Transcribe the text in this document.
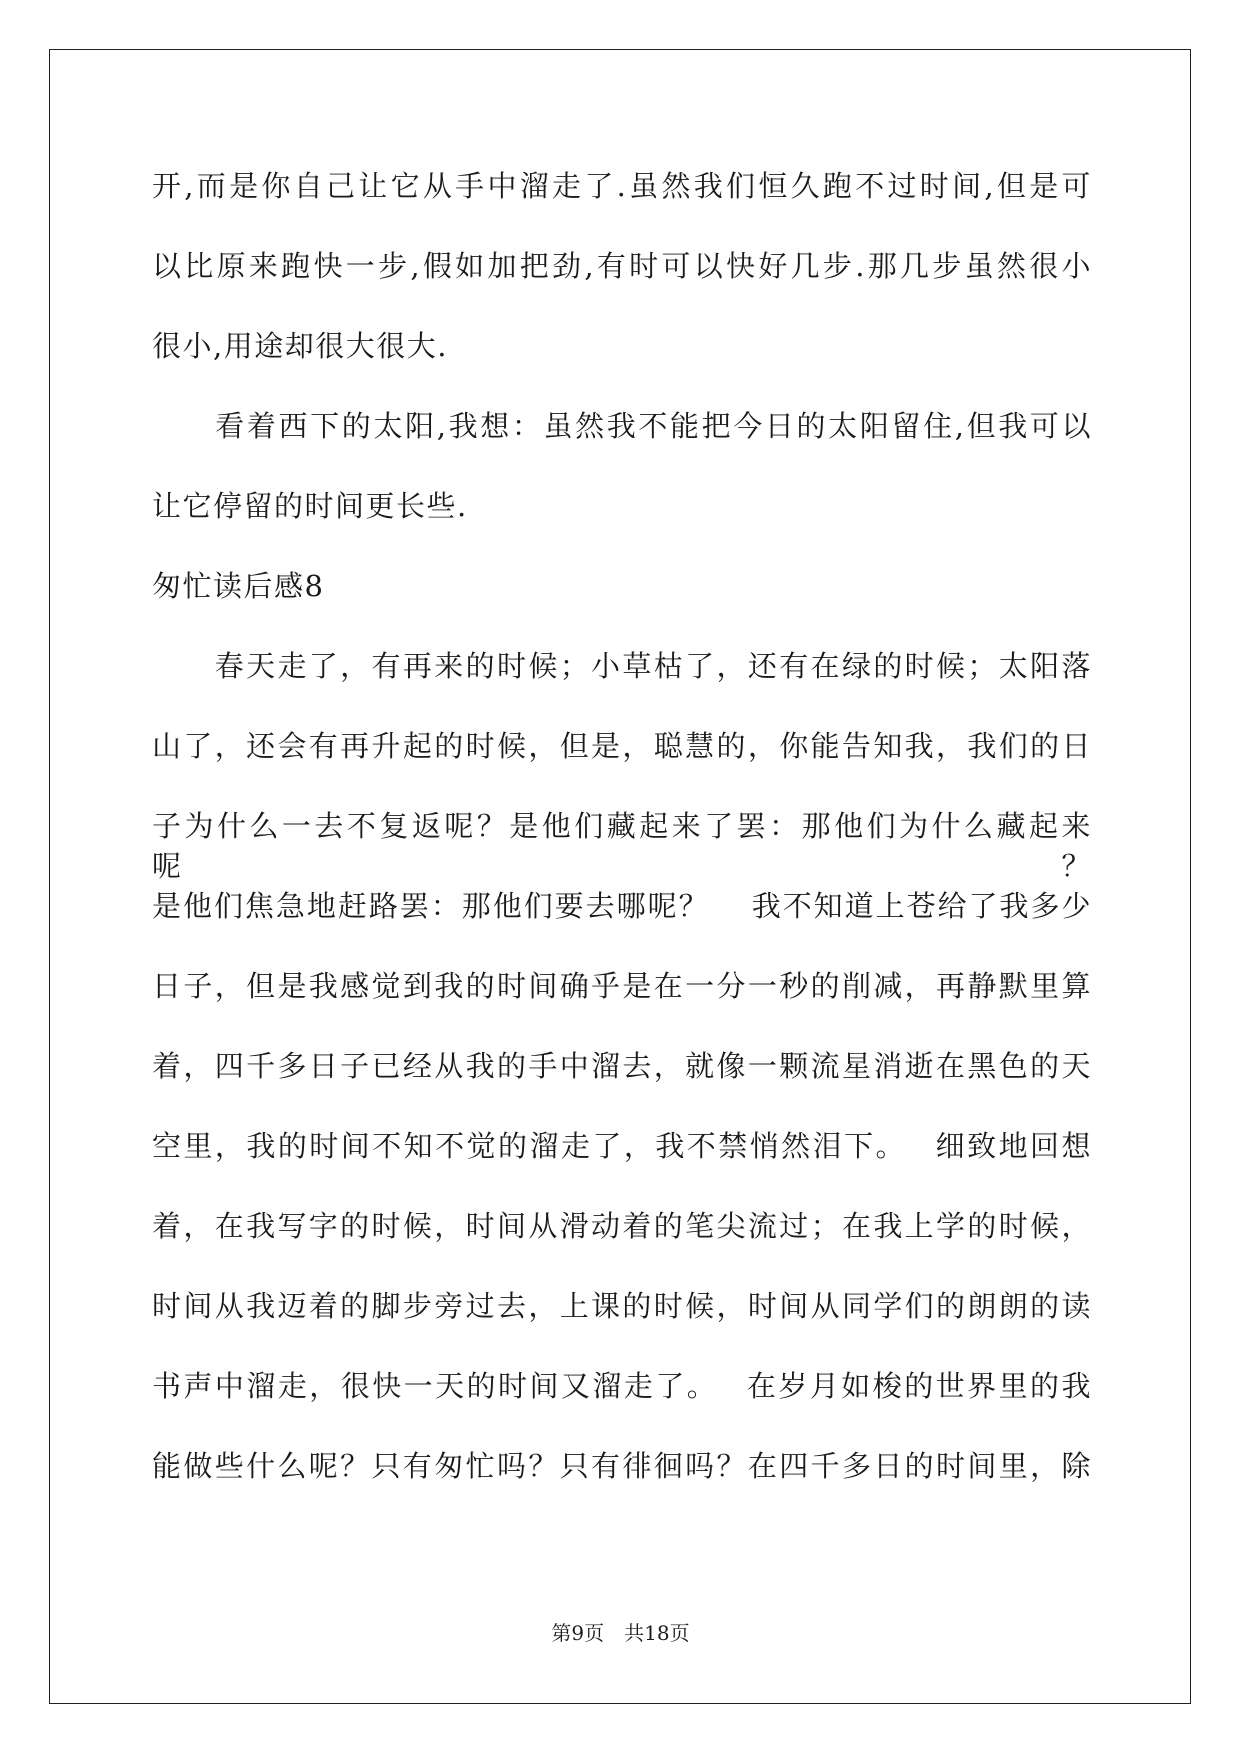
开,而是你自己让它从手中溜走了.虽然我们恒久跑不过时间,但是可
以比原来跑快一步,假如加把劲,有时可以快好几步.那几步虽然很小
很小,用途却很大很大.
　　看着西下的太阳,我想：虽然我不能把今日的太阳留住,但我可以
让它停留的时间更长些.
匆忙读后感8
　　春天走了，有再来的时候；小草枯了，还有在绿的时候；太阳落
山了，还会有再升起的时候，但是，聪慧的，你能告知我，我们的日
子为什么一去不复返呢？是他们藏起来了罢：那他们为什么藏起来呢？
是他们焦急地赶路罢：那他们要去哪呢？　 我不知道上苍给了我多少
日子，但是我感觉到我的时间确乎是在一分一秒的削减，再静默里算
着，四千多日子已经从我的手中溜去，就像一颗流星消逝在黑色的天
空里，我的时间不知不觉的溜走了，我不禁悄然泪下。　 细致地回想
着，在我写字的时候，时间从滑动着的笔尖流过；在我上学的时候，
时间从我迈着的脚步旁过去，上课的时候，时间从同学们的朗朗的读
书声中溜走，很快一天的时间又溜走了。　 在岁月如梭的世界里的我
能做些什么呢？只有匆忙吗？只有徘徊吗？在四千多日的时间里，除
第9页　共18页
